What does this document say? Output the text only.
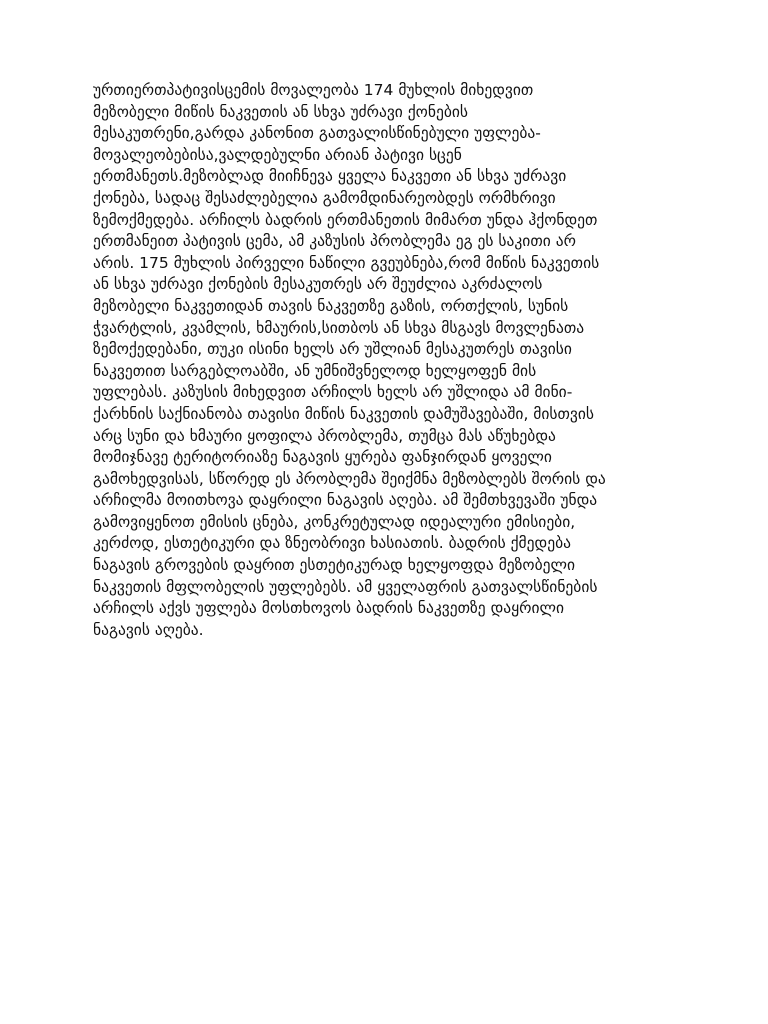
ურთიერთპატივისცემის მოვალეობა 174 მუხლის მიხედვით
მეზობელი მიწის ნაკვეთის ან სხვა უძრავი ქონების
მესაკუთრენი,გარდა კანონით გათვალისწინებული უფლება-
მოვალეობებისა,ვალდებულნი არიან პატივი სცენ
ერთმანეთს.მეზობლად მიიჩნევა ყველა ნაკვეთი ან სხვა უძრავი
ქონება, სადაც შესაძლებელია გამომდინარეობდეს ორმხრივი
ზემოქმედება. არჩილს ბადრის ერთმანეთის მიმართ უნდა ჰქონდეთ
ერთმანეით პატივის ცემა, ამ კაზუსის პრობლემა ეგ ეს საკითი არ
არის. 175 მუხლის პირველი ნაწილი გვეუბნება,რომ მიწის ნაკვეთის
ან სხვა უძრავი ქონების მესაკუთრეს არ შეუძლია აკრძალოს
მეზობელი ნაკვეთიდან თავის ნაკვეთზე გაზის, ორთქლის, სუნის
ჭვარტლის, კვამლის, ხმაურის,სითბოს ან სხვა მსგავს მოვლენათა
ზემოქედებანი, თუკი ისინი ხელს არ უშლიან მესაკუთრეს თავისი
ნაკვეთით სარგებლოაბში, ან უმნიშვნელოდ ხელყოფენ მის
უფლებას. კაზუსის მიხედვით არჩილს ხელს არ უშლიდა ამ მინი-
ქარხნის საქნიანობა თავისი მიწის ნაკვეთის დამუშავებაში, მისთვის
არც სუნი და ხმაური ყოფილა პრობლემა, თუმცა მას აწუხებდა
მომიჯნავე ტერიტორიაზე ნაგავის ყურება ფანჯირდან ყოველი
გამოხედვისას, სწორედ ეს პრობლემა შეიქმნა მეზობლებს შორის და
არჩილმა მოითხოვა დაყრილი ნაგავის აღება. ამ შემთხვევაში უნდა
გამოვიყენოთ ემისის ცნება, კონკრეტულად იდეალური ემისიები,
კერძოდ, ესთეტიკური და ზნეობრივი ხასიათის. ბადრის ქმედება
ნაგავის გროვების დაყრით ესთეტიკურად ხელყოფდა მეზობელი
ნაკვეთის მფლობელის უფლებებს. ამ ყველაფრის გათვალსწინების
არჩილს აქვს უფლება მოსთხოვოს ბადრის ნაკვეთზე დაყრილი
ნაგავის აღება.
